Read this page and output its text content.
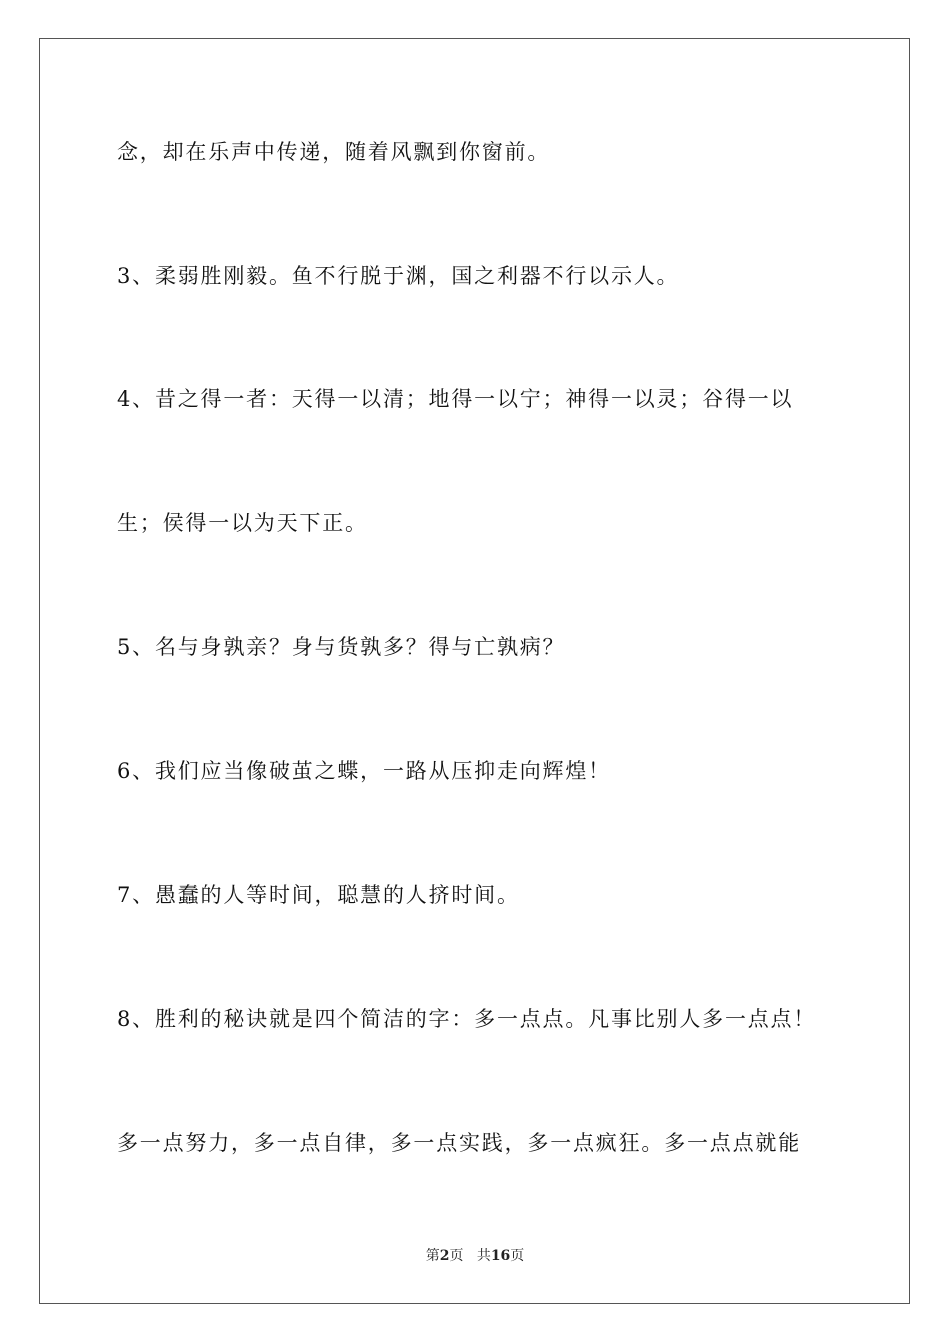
念，却在乐声中传递，随着风飘到你窗前。
3、柔弱胜刚毅。鱼不行脱于渊，国之利器不行以示人。
4、昔之得一者：天得一以清；地得一以宁；神得一以灵；谷得一以
生；侯得一以为天下正。
5、名与身孰亲？身与货孰多？得与亡孰病？
6、我们应当像破茧之蝶，一路从压抑走向辉煌！
7、愚蠢的人等时间，聪慧的人挤时间。
8、胜利的秘诀就是四个简洁的字：多一点点。凡事比别人多一点点！
多一点努力，多一点自律，多一点实践，多一点疯狂。多一点点就能
第2页 共16页
